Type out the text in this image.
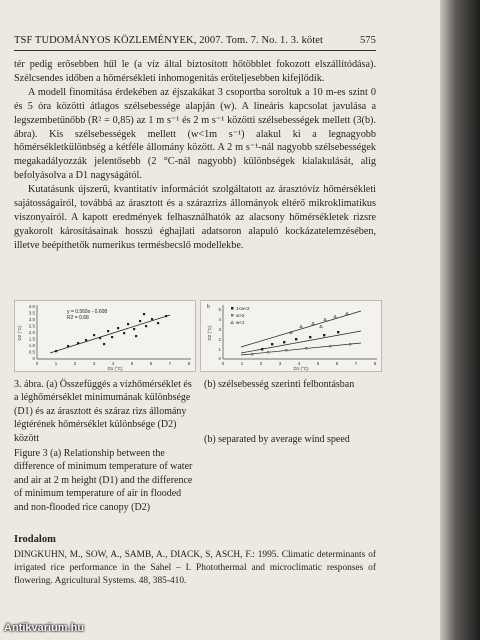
TSF TUDOMÁNYOS KÖZLEMÉNYEK, 2007. Tom. 7. No. 1. 3. kötet	575

tér pedig erősebben hűl le (a víz által biztosított hőtöbblet fokozott elszállítódása). Szélcsendes időben a hőmérsékleti inhomogenitás erőteljesebben kifejlődik.

A modell finomítása érdekében az éjszakákat 3 csoportba soroltuk a 10 m-es szint 0 és 5 óra közötti átlagos szélsebessége alapján (w). A lineáris kapcsolat javulása a legszembetűnőbb (R² = 0,85) az 1 m s⁻¹ és 2 m s⁻¹ közötti szélsebességek mellett (3(b). ábra). Kis szélsebességek mellett (w<1m s⁻¹) alakul ki a legnagyobb hőmérsékletkülönbség a kétféle állomány között. A 2 m s⁻¹-nál nagyobb szélsebességek megakadályozzák jelentősebb (2 °C-nál nagyobb) különbségek kialakulását, alig befolyásolva a D1 nagyságától.

Kutatásunk újszerű, kvantitatív információt szolgáltatott az árasztóvíz hőmérsékleti sajátosságairól, továbbá az árasztott és a szárazrizs állományok eltérő mikroklimatikus viszonyairól. A kapott eredmények felhasználhatók az alacsony hőmérsékletek rizsre gyakorolt károsításainak hosszú éghajlati adatsoron alapuló kockázatelemzésében, illetve beépíthetők numerikus termésbecslő modellekbe.

4.0
3.5
3.0
2.5
2.0
1.5
1.0
0.5
0
0	1	2	3	4	5	6	7	8
D2 (°C)
D1 (°C)
y = 0.569x - 0.608
R2 = 0.68
b 5
4
3
2
1
0
0	1	2	3	4	5	6	7	8
D2 (°C)
D1 (°C)
1<w<2
w>2
w<1

3. ábra. (a) Összefüggés a vízhőmérséklet és a léghőmérséklet minimumának különbsége (D1) és az árasztott és száraz rizs állomány légtérének hőmérséklet különbsége (D2) között

Figure 3 (a) Relationship between the difference of minimum temperature of water and air at 2 m height (D1) and the difference of minimum temperature of air in flooded and non-flooded rice canopy (D2)

(b) szélsebesség szerinti felbontásban

(b) separated by average wind speed

Irodalom
DINGKUHN, M., SOW, A., SAMB, A., DIACK, S, ASCH, F.: 1995. Climatic determinants of irrigated rice performance in the Sahel – I. Photothermal and microclimatic responses of flowering. Agricultural Systems. 48, 385-410.
Antikvarium.hu
